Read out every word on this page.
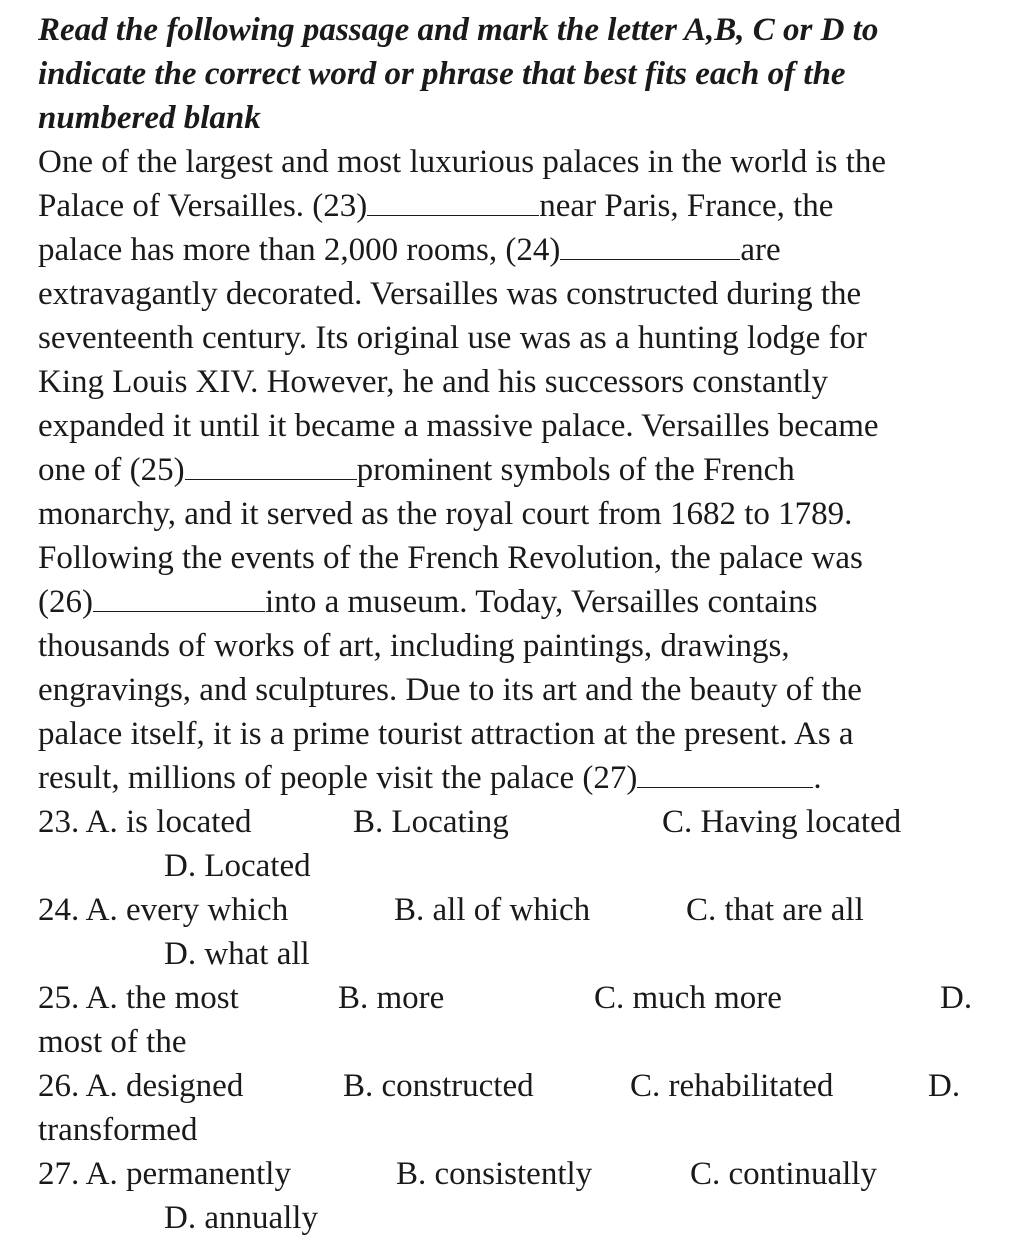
Read the following passage and mark the letter A,B, C or D to
indicate the correct word or phrase that best fits each of the
numbered blank
One of the largest and most luxurious palaces in the world is the
Palace of Versailles. (23)	near Paris, France, the
palace has more than 2,000 rooms, (24)	are
extravagantly decorated. Versailles was constructed during the
seventeenth century. Its original use was as a hunting lodge for
King Louis XIV. However, he and his successors constantly
expanded it until it became a massive palace. Versailles became
one of (25)	prominent symbols of the French
monarchy, and it served as the royal court from 1682 to 1789.
Following the events of the French Revolution, the palace was
(26)	into a museum. Today, Versailles contains
thousands of works of art, including paintings, drawings,
engravings, and sculptures. Due to its art and the beauty of the
palace itself, it is a prime tourist attraction at the present. As a
result, millions of people visit the palace (27)	.
23. A. is located	B. Locating	C. Having located
D. Located
24. A. every which	B. all of which	C. that are all
D. what all
25. A. the most	B. more	C. much more	D.
most of the
26. A. designed	B. constructed	C. rehabilitated	D.
transformed
27. A. permanently	B. consistently	C. continually
D. annually
